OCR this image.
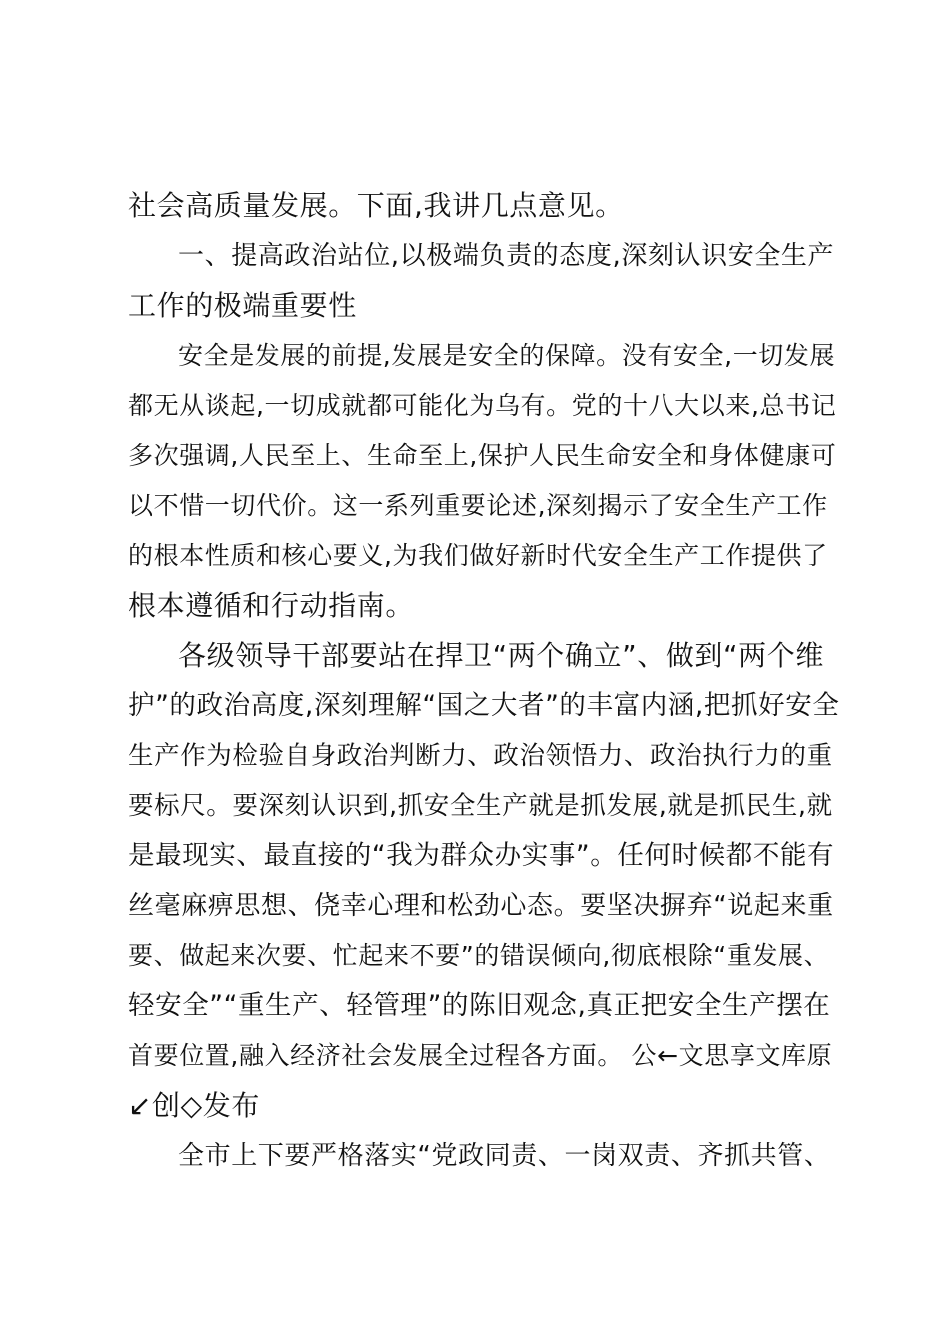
社会高质量发展。下面,我讲几点意见。
一、提高政治站位,以极端负责的态度,深刻认识安全生产
工作的极端重要性
安全是发展的前提,发展是安全的保障。没有安全,一切发展
都无从谈起,一切成就都可能化为乌有。党的十八大以来,总书记
多次强调,人民至上、生命至上,保护人民生命安全和身体健康可
以不惜一切代价。这一系列重要论述,深刻揭示了安全生产工作
的根本性质和核心要义,为我们做好新时代安全生产工作提供了
根本遵循和行动指南。
各级领导干部要站在捍卫“两个确立”、做到“两个维
护”的政治高度,深刻理解“国之大者”的丰富内涵,把抓好安全
生产作为检验自身政治判断力、政治领悟力、政治执行力的重
要标尺。要深刻认识到,抓安全生产就是抓发展,就是抓民生,就
是最现实、最直接的“我为群众办实事”。任何时候都不能有
丝毫麻痹思想、侥幸心理和松劲心态。要坚决摒弃“说起来重
要、做起来次要、忙起来不要”的错误倾向,彻底根除“重发展、
轻安全”“重生产、轻管理”的陈旧观念,真正把安全生产摆在
首要位置,融入经济社会发展全过程各方面。 公←文思享文库原
↙创◇发布
全市上下要严格落实“党政同责、一岗双责、齐抓共管、
